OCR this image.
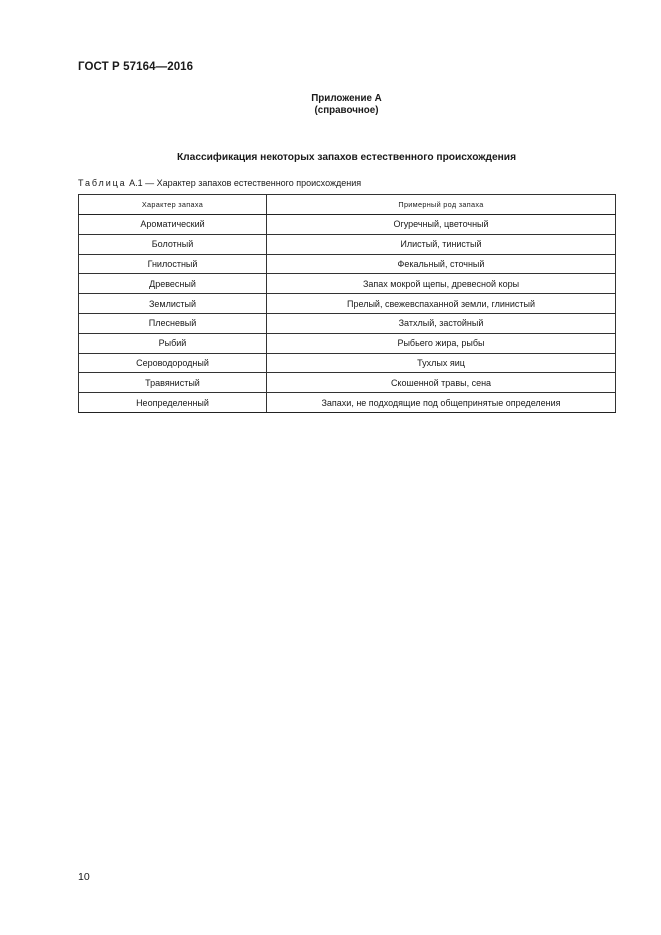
ГОСТ Р 57164—2016
Приложение А
(справочное)
Классификация некоторых запахов естественного происхождения
Таблица А.1 — Характер запахов естественного происхождения
Характер запаха	Примерный род запаха
Ароматический	Огуречный, цветочный
Болотный	Илистый, тинистый
Гнилостный	Фекальный, сточный
Древесный	Запах мокрой щепы, древесной коры
Землистый	Прелый, свежевспаханной земли, глинистый
Плесневый	Затхлый, застойный
Рыбий	Рыбьего жира, рыбы
Сероводородный	Тухлых яиц
Травянистый	Скошенной травы, сена
Неопределенный	Запахи, не подходящие под общепринятые определения
10
